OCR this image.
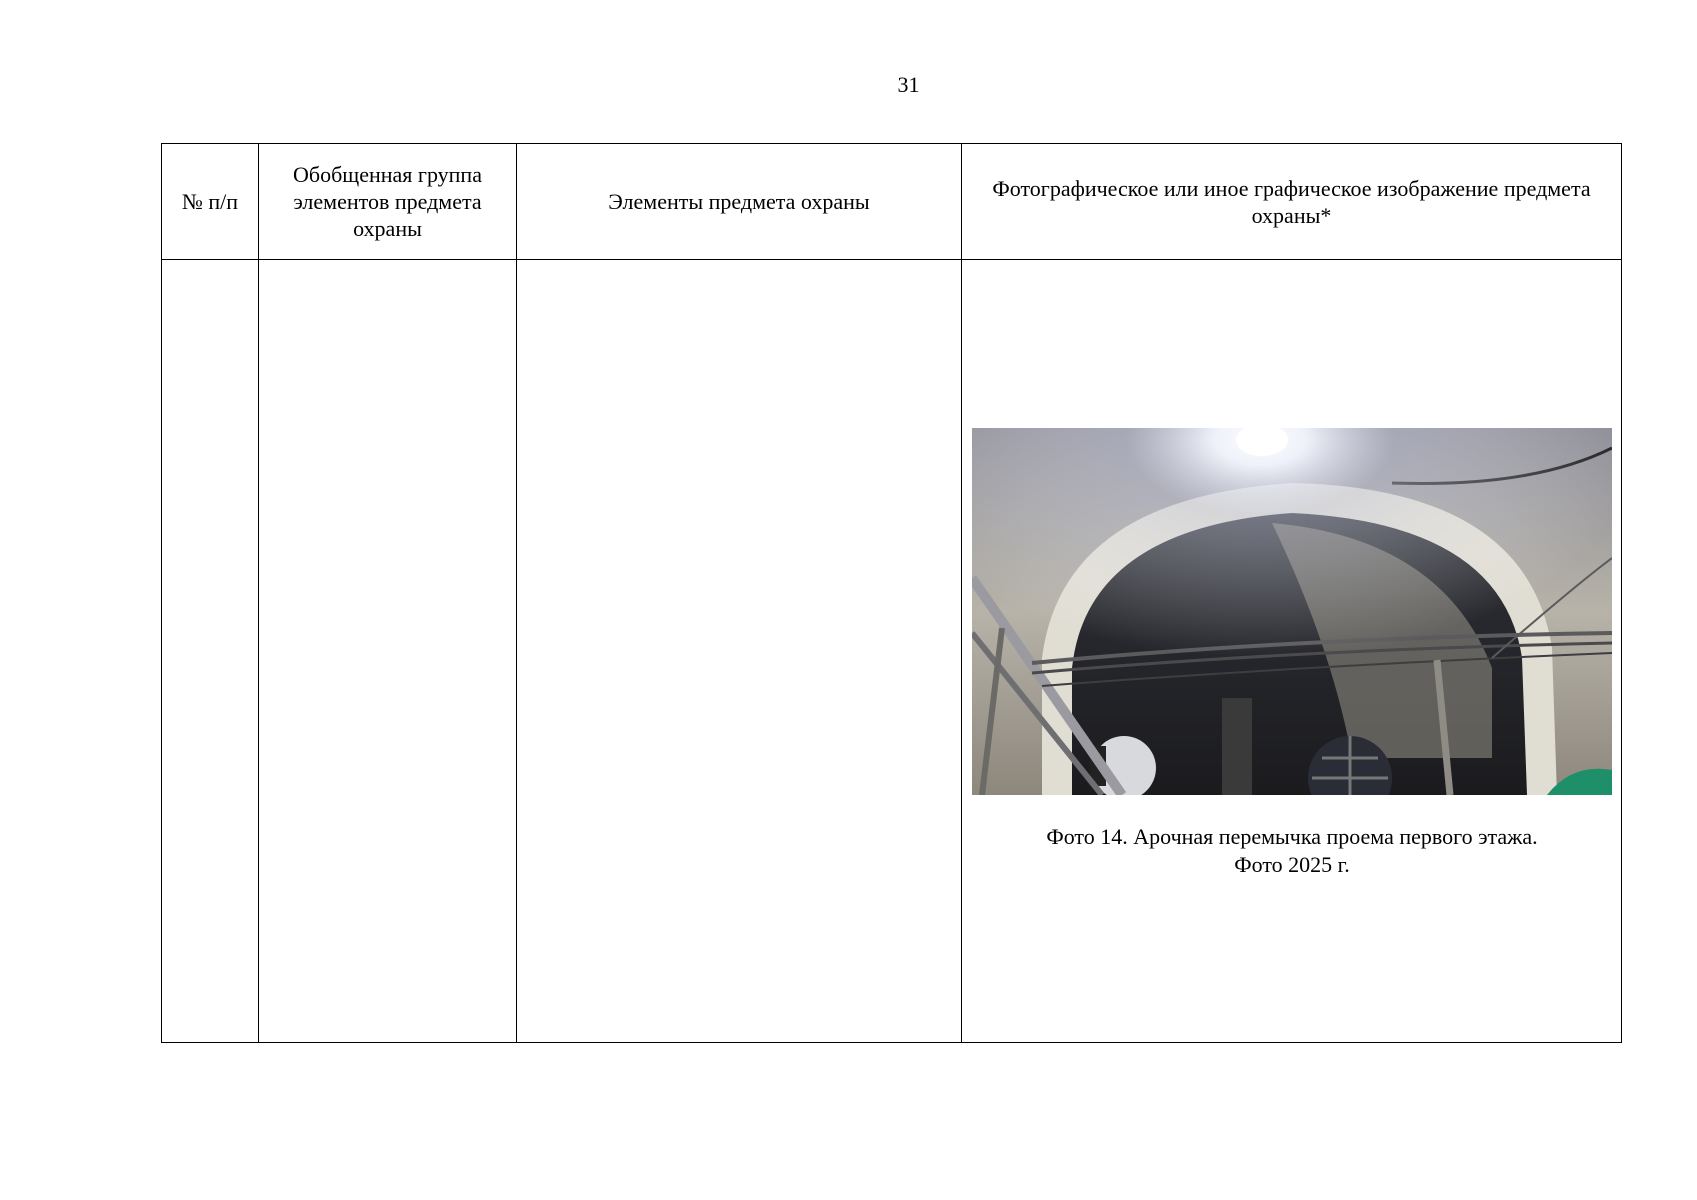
31
№ п/п	Обобщенная группа элементов предмета охраны	Элементы предмета охраны	Фотографическое или иное графическое изображение предмета охраны*

			Фото 14. Арочная перемычка проема первого этажа.
Фото 2025 г.
